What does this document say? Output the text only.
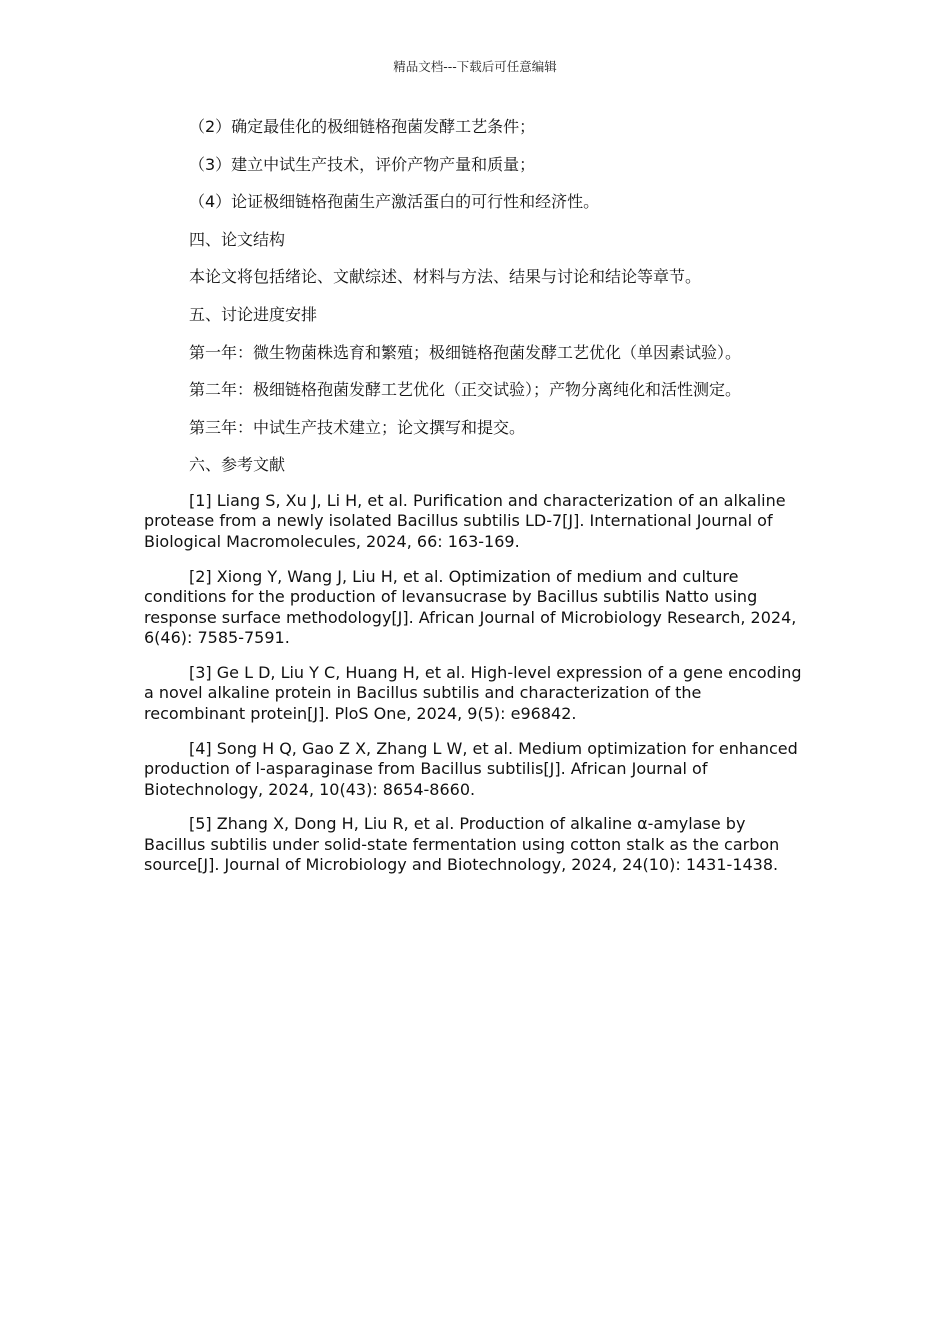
精品文档---下载后可任意编辑
（2）确定最佳化的极细链格孢菌发酵工艺条件；
（3）建立中试生产技术，评价产物产量和质量；
（4）论证极细链格孢菌生产激活蛋白的可行性和经济性。
四、论文结构
本论文将包括绪论、文献综述、材料与方法、结果与讨论和结论等章节。
五、讨论进度安排
第一年：微生物菌株选育和繁殖；极细链格孢菌发酵工艺优化（单因素试验）。
第二年：极细链格孢菌发酵工艺优化（正交试验）；产物分离纯化和活性测定。
第三年：中试生产技术建立；论文撰写和提交。
六、参考文献
[1] Liang S, Xu J, Li H, et al. Purification and characterization of an alkaline protease from a newly isolated Bacillus subtilis LD-7[J]. International Journal of Biological Macromolecules, 2024, 66: 163-169.
[2] Xiong Y, Wang J, Liu H, et al. Optimization of medium and culture conditions for the production of levansucrase by Bacillus subtilis Natto using response surface methodology[J]. African Journal of Microbiology Research, 2024, 6(46): 7585-7591.
[3] Ge L D, Liu Y C, Huang H, et al. High-level expression of a gene encoding a novel alkaline protein in Bacillus subtilis and characterization of the recombinant protein[J]. PloS One, 2024, 9(5): e96842.
[4] Song H Q, Gao Z X, Zhang L W, et al. Medium optimization for enhanced production of l-asparaginase from Bacillus subtilis[J]. African Journal of Biotechnology, 2024, 10(43): 8654-8660.
[5] Zhang X, Dong H, Liu R, et al. Production of alkaline α-amylase by Bacillus subtilis under solid-state fermentation using cotton stalk as the carbon source[J]. Journal of Microbiology and Biotechnology, 2024, 24(10): 1431-1438.
